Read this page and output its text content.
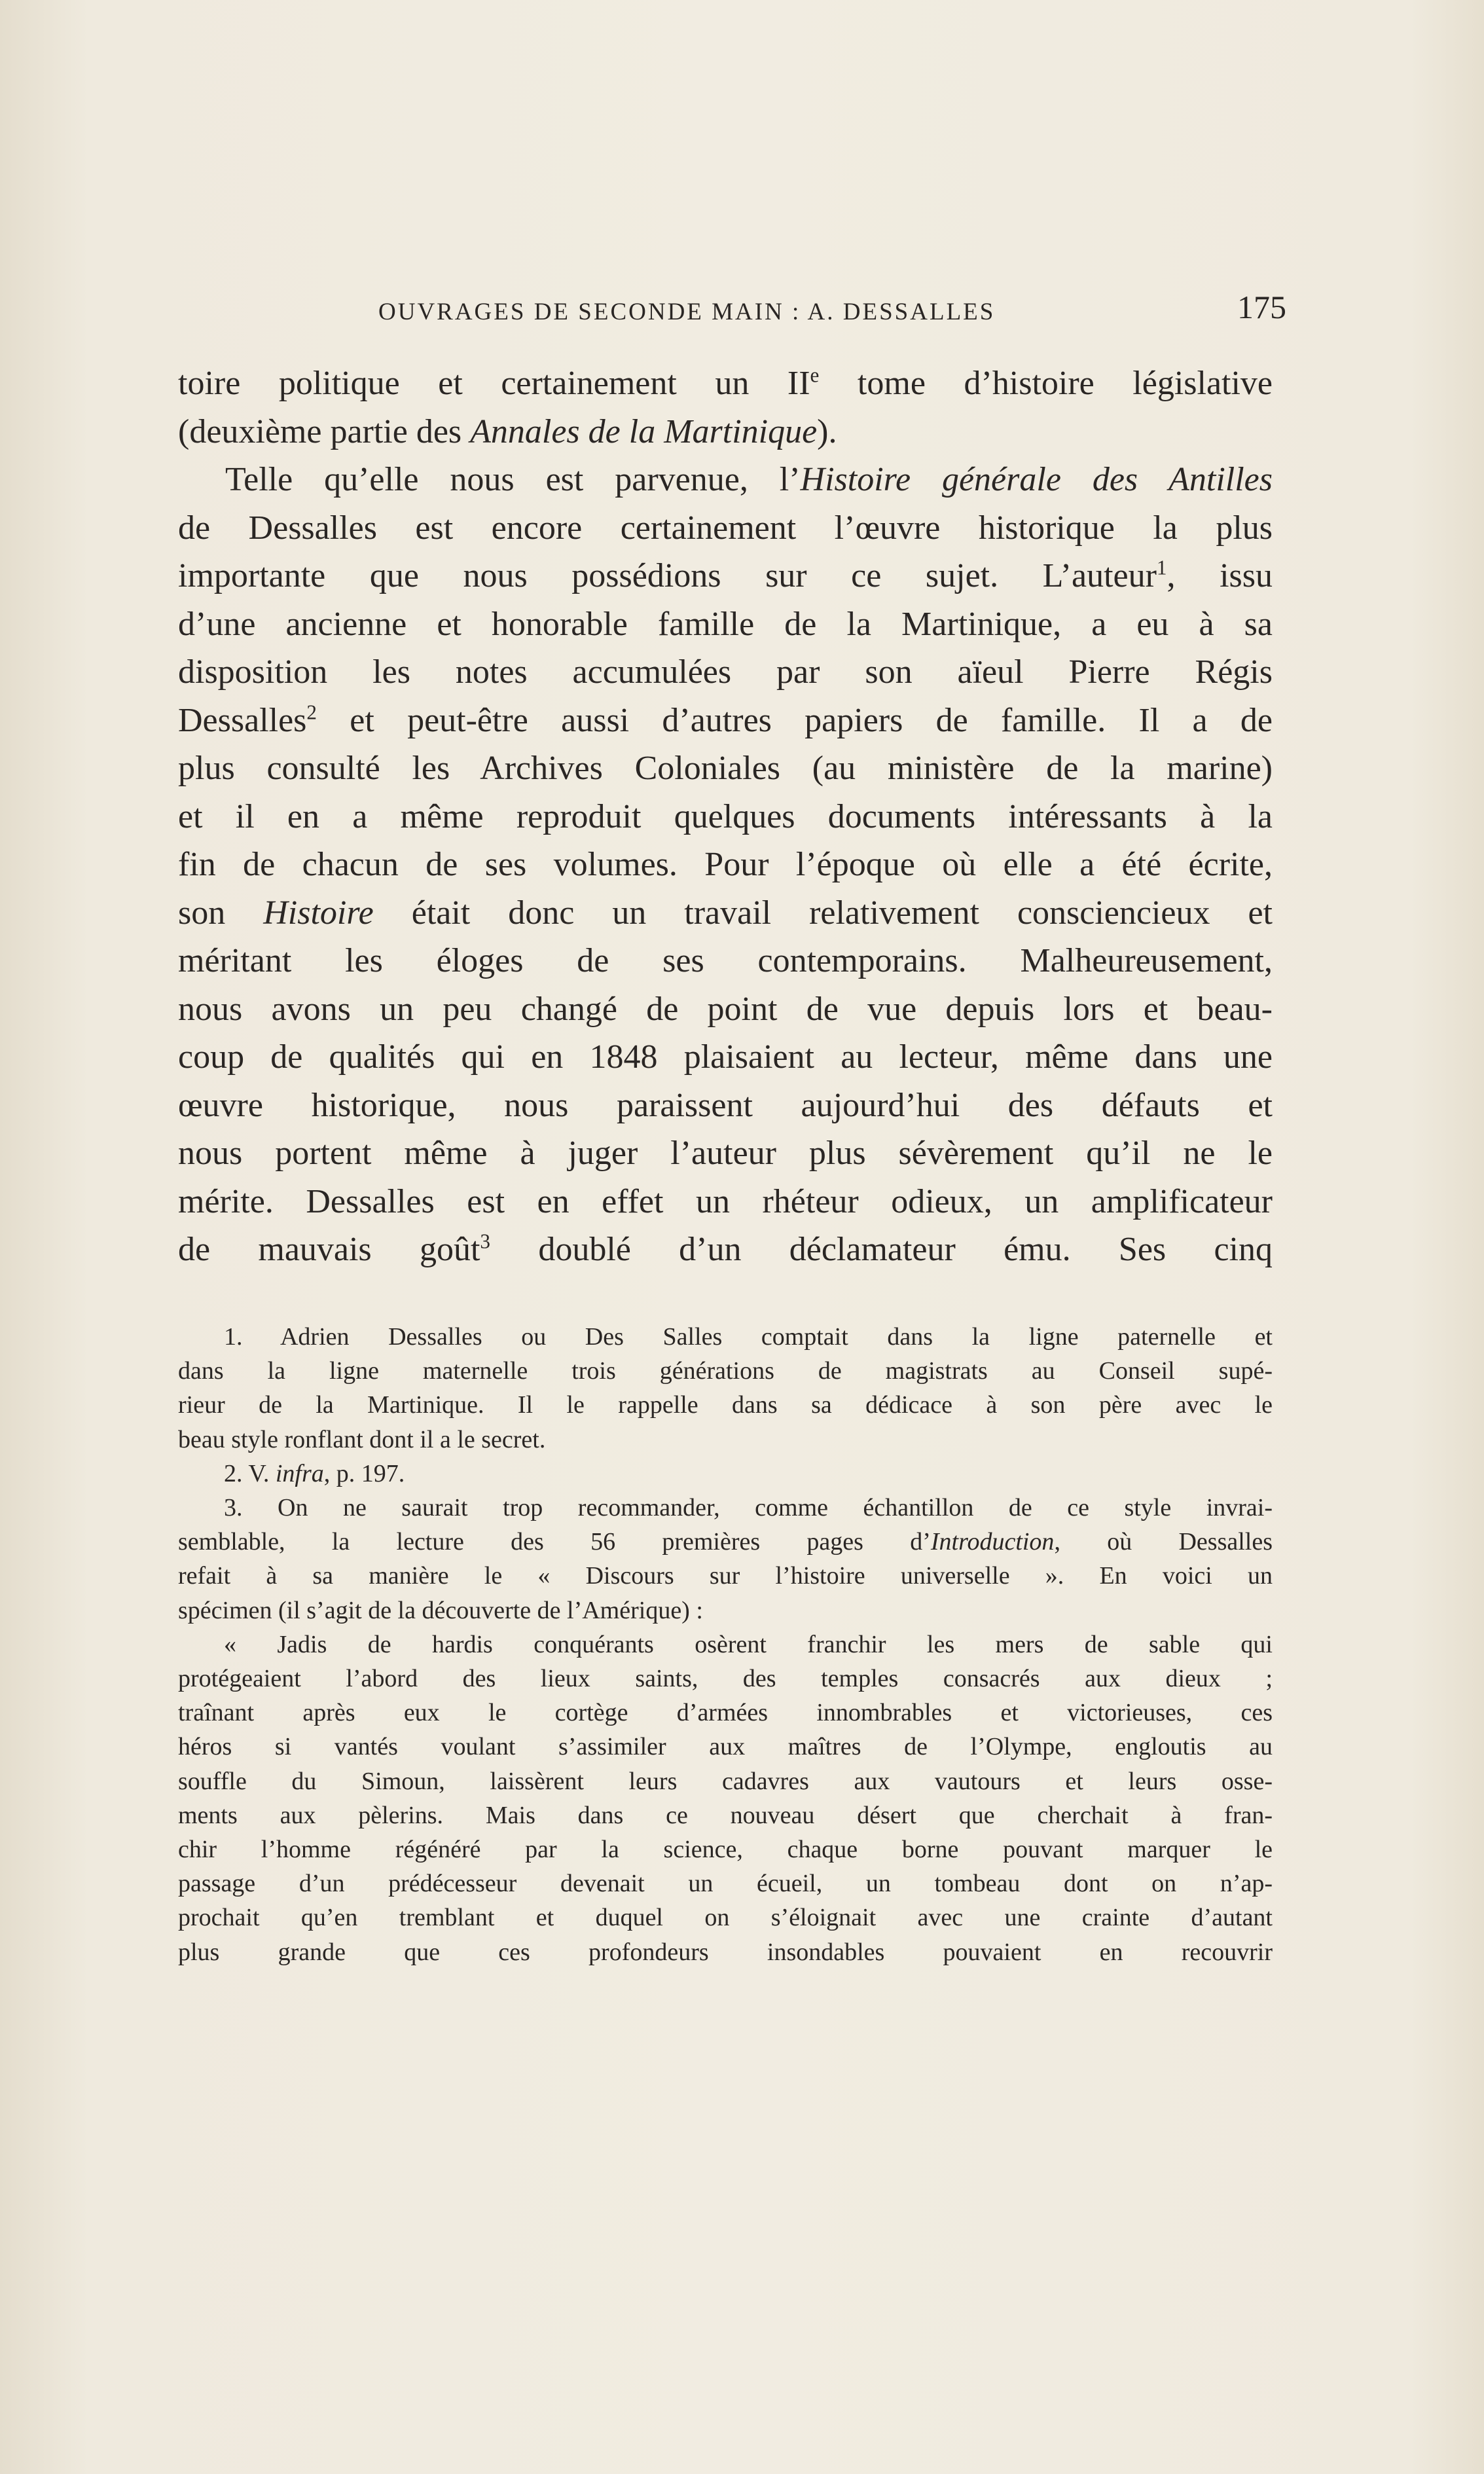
OUVRAGES DE SECONDE MAIN : A. DESSALLES	175
toire politique et certainement un IIe tome d’histoire législative
(deuxième partie des Annales de la Martinique).
Telle qu’elle nous est parvenue, l’Histoire générale des Antilles
de Dessalles est encore certainement l’œuvre historique la plus
importante que nous possédions sur ce sujet. L’auteur$^1$, issu
d’une ancienne et honorable famille de la Martinique, a eu à sa
disposition les notes accumulées par son aïeul Pierre Régis
Dessalles$^2$ et peut-être aussi d’autres papiers de famille. Il a de
plus consulté les Archives Coloniales (au ministère de la marine)
et il en a même reproduit quelques documents intéressants à la
fin de chacun de ses volumes. Pour l’époque où elle a été écrite,
son Histoire était donc un travail relativement consciencieux et
méritant les éloges de ses contemporains. Malheureusement,
nous avons un peu changé de point de vue depuis lors et beau-
coup de qualités qui en 1848 plaisaient au lecteur, même dans une
œuvre historique, nous paraissent aujourd’hui des défauts et
nous portent même à juger l’auteur plus sévèrement qu’il ne le
mérite. Dessalles est en effet un rhéteur odieux, un amplificateur
de mauvais goût$^3$ doublé d’un déclamateur ému. Ses cinq
1. Adrien Dessalles ou Des Salles comptait dans la ligne paternelle et
dans la ligne maternelle trois générations de magistrats au Conseil supé-
rieur de la Martinique. Il le rappelle dans sa dédicace à son père avec le
beau style ronflant dont il a le secret.
2. V. infra, p. 197.
3. On ne saurait trop recommander, comme échantillon de ce style invrai-
semblable, la lecture des 56 premières pages d’Introduction, où Dessalles
refait à sa manière le « Discours sur l’histoire universelle ». En voici un
spécimen (il s’agit de la découverte de l’Amérique) :
« Jadis de hardis conquérants osèrent franchir les mers de sable qui
protégeaient l’abord des lieux saints, des temples consacrés aux dieux ;
traînant après eux le cortège d’armées innombrables et victorieuses, ces
héros si vantés voulant s’assimiler aux maîtres de l’Olympe, engloutis au
souffle du Simoun, laissèrent leurs cadavres aux vautours et leurs osse-
ments aux pèlerins. Mais dans ce nouveau désert que cherchait à fran-
chir l’homme régénéré par la science, chaque borne pouvant marquer le
passage d’un prédécesseur devenait un écueil, un tombeau dont on n’ap-
prochait qu’en tremblant et duquel on s’éloignait avec une crainte d’autant
plus grande que ces profondeurs insondables pouvaient en recouvrir
